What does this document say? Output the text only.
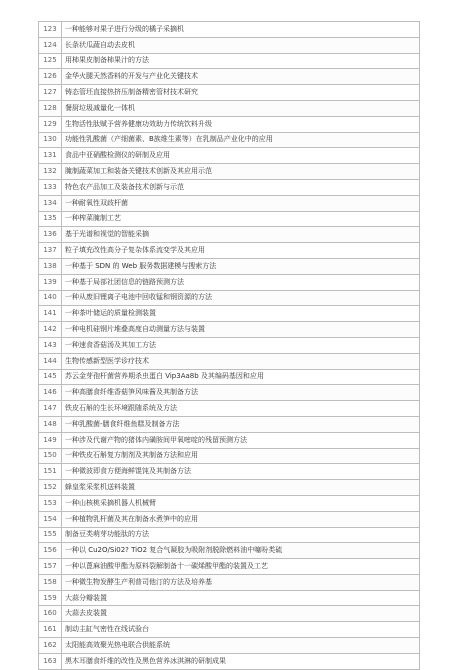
123	一种能够对果子进行分级的橘子采摘机
124	长条状瓜蔬自动去皮机
125	用柿果皮制备柿果汁的方法
126	金华火腿天然香料的开发与产业化关键技术
127	铸态管坯直接热挤压制备精密管材技术研究
128	餐厨垃圾减量化一体机
129	生物活性肽赋予营养健康功效助力传统饮料升级
130	功能性乳酸菌（产细菌素、B族维生素等）在乳制品产业化中的应用
131	食品中亚硝酸检测仪的研制及应用
132	腌制蔬菜加工和装备关键技术创新及其应用示范
133	特色农产品加工及装备技术创新与示范
134	一种耐氧性双歧杆菌
135	一种榨菜腌制工艺
136	基于光谱和视觉的智能采摘
137	粒子填充改性高分子复杂体系流变学及其应用
138	一种基于 SDN 的 Web 服务数据建模与搜索方法
139	一种基于局部社团信息的链路预测方法
140	一种从废旧锂离子电池中回收锰和钢资源的方法
141	一种茶叶储运的质量检测装置
142	一种电机硅钢片堆叠高度自动测量方法与装置
143	一种速食香菇汤及其加工方法
144	生物传感新型医学诊疗技术
145	苏云金芽孢杆菌营养期杀虫蛋白 Vip3Aa8b 及其编码基因和应用
146	一种高膳食纤维香菇笋风味酱及其制备方法
147	铁皮石斛的生长环境跟随系统及方法
148	一种乳酸菌-膳食纤维鱼糕及制备方法
149	一种涉及代谢产物的猪体内磺胺间甲氧嘧啶的残留预测方法
150	一种铁皮石斛复方制剂及其制备方法和应用
151	一种微波即食方便海鲜馄饨及其制备方法
152	蜂皇浆采浆机送料装置
153	一种山核桃采摘机器人机械臂
154	一种植物乳杆菌及其在制备水煮笋中的应用
155	制备豆类萌芽功能肽的方法
156	一种以 Cu2O/Si02? TiO2 复合气凝胶为吸附剂脱除燃料油中噻吩类硫
157	一种以蓖麻油酸甲酯为原料裂解制备十一碳烯酸甲酯的装置及工艺
158	一种微生物发酵生产利普司他汀的方法及培养基
159	大蒜分瓣装置
160	大蒜去皮装置
161	制动主缸气密性在线试验台
162	太阳能高效聚光热电联合供能系统
163	黑木耳膳食纤维的改性及黑色营养冰淇淋的研制成果
